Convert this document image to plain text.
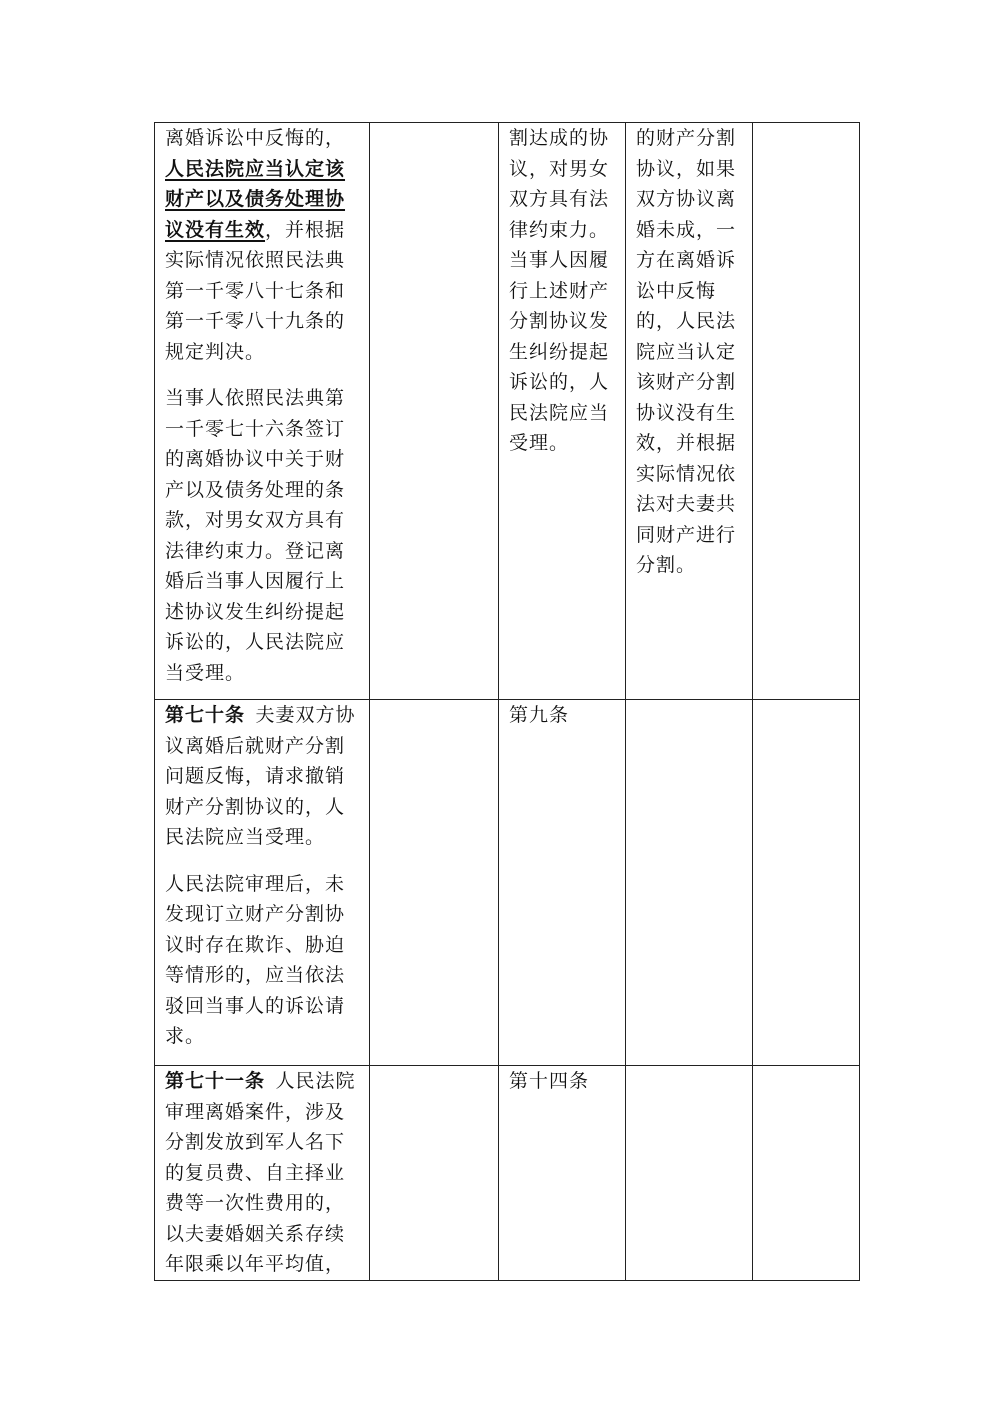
离婚诉讼中反悔的，人民法院应当认定该财产以及债务处理协议没有生效，并根据实际情况依照民法典第一千零八十七条和第一千零八十九条的规定判决。

当事人依照民法典第一千零七十六条签订的离婚协议中关于财产以及债务处理的条款，对男女双方具有法律约束力。登记离婚后当事人因履行上述协议发生纠纷提起诉讼的，人民法院应当受理。		割达成的协议，对男女双方具有法律约束力。当事人因履行上述财产分割协议发生纠纷提起诉讼的，人民法院应当受理。	的财产分割协议，如果双方协议离婚未成，一方在离婚诉讼中反悔的，人民法院应当认定该财产分割协议没有生效，并根据实际情况依法对夫妻共同财产进行分割。	

第七十条  夫妻双方协议离婚后就财产分割问题反悔，请求撤销财产分割协议的，人民法院应当受理。

人民法院审理后，未发现订立财产分割协议时存在欺诈、胁迫等情形的，应当依法驳回当事人的诉讼请求。		第九条		

第七十一条  人民法院审理离婚案件，涉及分割发放到军人名下的复员费、自主择业费等一次性费用的，以夫妻婚姻关系存续年限乘以年平均值，		第十四条		
